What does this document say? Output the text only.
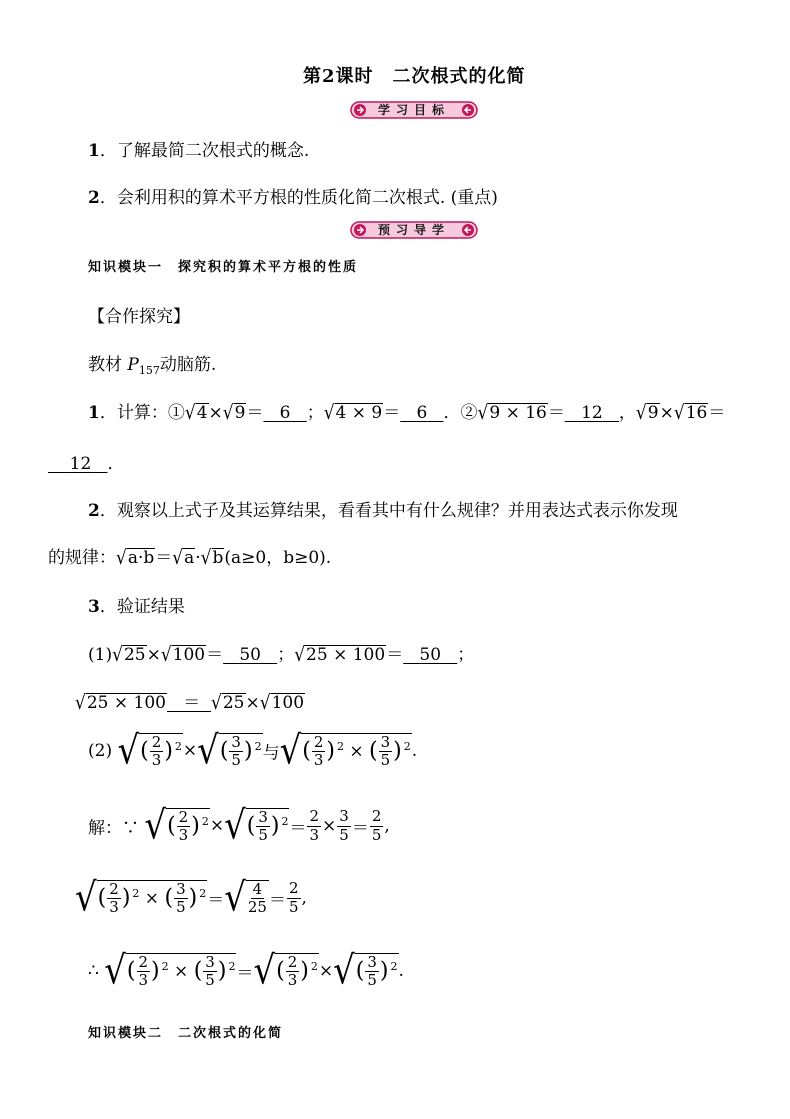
第2课时　二次根式的化简
学习目标
1．了解最简二次根式的概念.
2．会利用积的算术平方根的性质化简二次根式. (重点)
预习导学
知识模块一　探究积的算术平方根的性质
【合作探究】
教材 $P_{157}$动脑筋.
1．计算：①√4×√9＝ 6 ；√4 × 9＝ 6 ．②√9 × 16＝ 12 ，√9×√16＝
12 ．
2．观察以上式子及其运算结果，看看其中有什么规律？并用表达式表示你发现
的规律：√a·b＝√a·√b(a≥0，b≥0).
3．验证结果
(1)√25×√100＝ 50 ；√25 × 100＝ 50 ；
√25 × 100   ＝  √25×√100
(2) √( $\frac{2}{3}$ ) $^2\times√( \frac{3}{5}$ ) $^2$与√( $\frac{2}{3}$ ) $^2$ × ( $\frac{3}{5}$ ) $^2$.
解：∵ √( $\frac{2}{3}$ ) $^2\times√( \frac{3}{5}$ ) $^2= \frac{2}{3} \times \frac{3}{5} = \frac{2}{5}$ ,
√( $\frac{2}{3}$ ) $^2$ × ( $\frac{3}{5}$ ) $^2=√ \frac{4}{25} = \frac{2}{5}$ ,
∴ √( $\frac{2}{3}$ ) $^2$ × ( $\frac{3}{5}$ ) $^2=√( \frac{2}{3}$ ) $^2\times√( \frac{3}{5}$ ) $^2$.
知识模块二　二次根式的化简
